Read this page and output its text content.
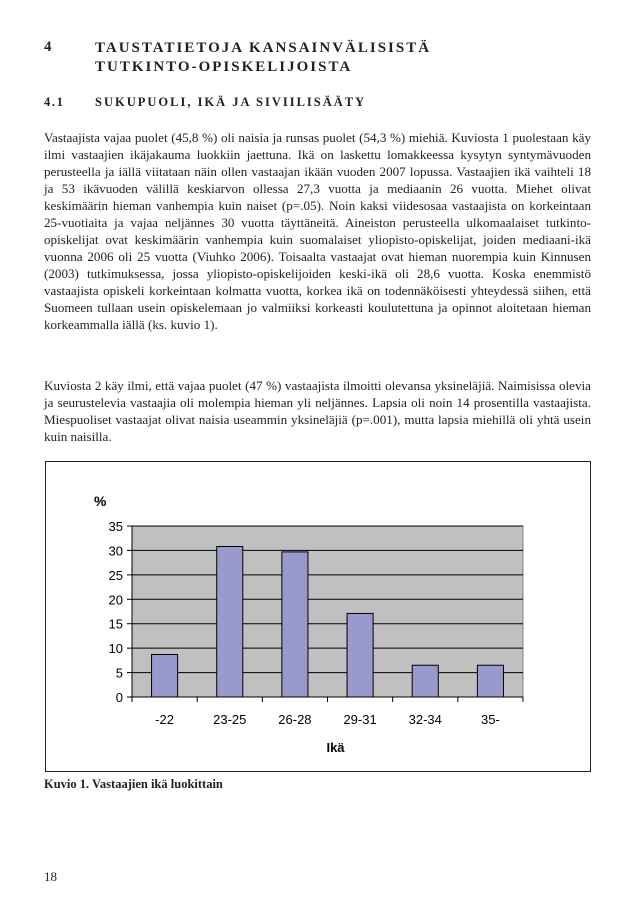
4	TAUSTATIETOJA KANSAINVÄLISISTÄ TUTKINTO-OPISKELIJOISTA
4.1 SUKUPUOLI, IKÄ JA SIVIILISÄÄTY

Vastaajista vajaa puolet (45,8 %) oli naisia ja runsas puolet (54,3 %) miehiä. Kuviosta 1 puolestaan käy ilmi vastaajien ikäjakauma luokkiin jaettuna. Ikä on laskettu lomakkeessa kysytyn syntymävuoden perusteella ja iällä viitataan näin ollen vastaajan ikään vuoden 2007 lopussa. Vastaajien ikä vaihteli 18 ja 53 ikävuoden välillä keskiarvon ollessa 27,3 vuotta ja mediaanin 26 vuotta. Miehet olivat keskimäärin hieman vanhempia kuin naiset (p=.05). Noin kaksi viidesosaa vastaajista on korkeintaan 25-vuotiaita ja vajaa neljännes 30 vuotta täyttäneitä. Aineiston perusteella ulkomaalaiset tutkinto-opiskelijat ovat keskimäärin vanhempia kuin suomalaiset yliopisto-opiskelijat, joiden mediaani-ikä vuonna 2006 oli 25 vuotta (Viuhko 2006). Toisaalta vastaajat ovat hieman nuorempia kuin Kinnusen (2003) tutkimuksessa, jossa yliopisto-opiskelijoiden keski-ikä oli 28,6 vuotta. Koska enemmistö vastaajista opiskeli korkeintaan kolmatta vuotta, korkea ikä on todennäköisesti yhteydessä siihen, että Suomeen tullaan usein opiskelemaan jo valmiiksi korkeasti koulutettuna ja opinnot aloitetaan hieman korkeammalla iällä (ks. kuvio 1).

Kuviosta 2 käy ilmi, että vajaa puolet (47 %) vastaajista ilmoitti olevansa yksineläjiä. Naimisissa olevia ja seurustelevia vastaajia oli molempia hieman yli neljännes. Lapsia oli noin 14 prosentilla vastaajista. Miespuoliset vastaajat olivat naisia useammin yksineläjiä (p=.001), mutta lapsia miehillä oli yhtä usein kuin naisilla.

0
5
10
15
20
25
30
35
-22	23-25 26-28 29-31 32-34	35-
%
Ikä
Kuvio 1. Vastaajien ikä luokittain
18
